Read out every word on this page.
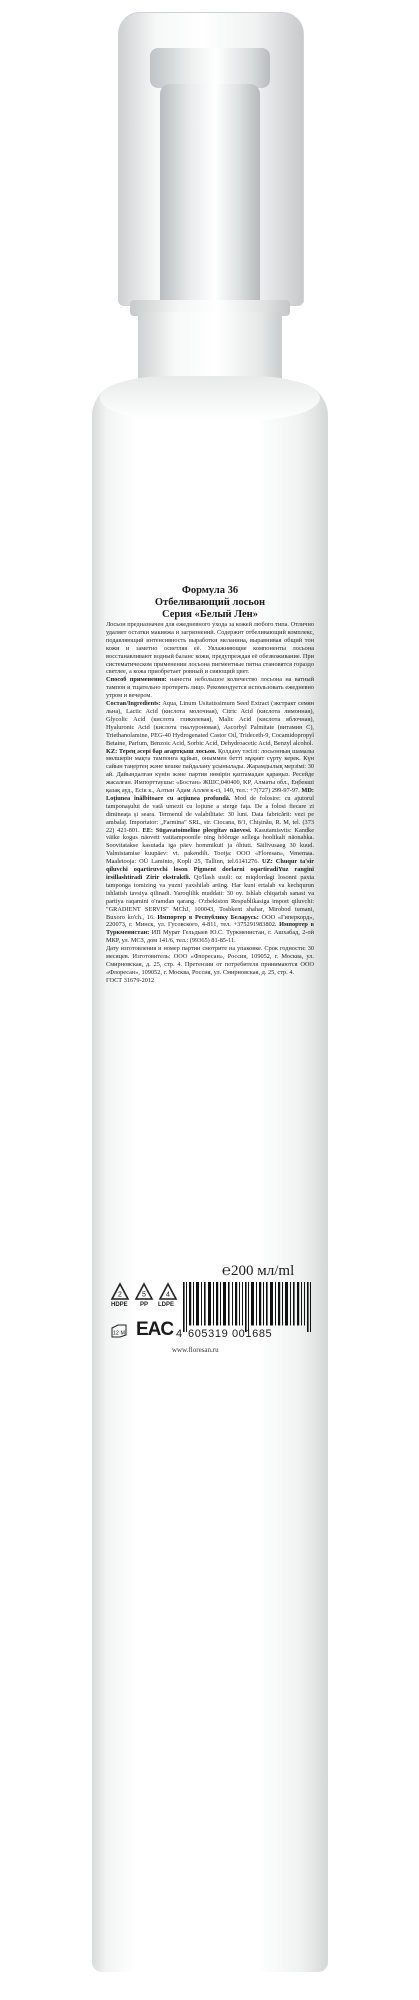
Формула 36
Отбеливающий лосьон
Серия «Белый Лен»

Лосьон предназначен для ежедневного ухода за кожей любого типа. Отлично удаляет остатки макияжа и загрязнений. Содержит отбеливающий комплекс, подавляющий интенсивность выработки меланина, выравнивая общий тон кожи и заметно осветляя её. Увлажняющие компоненты лосьона восстанавливают водный баланс кожи, предупреждая её обезвоживание. При систематическом применении лосьона пигментные пятна становятся гораздо светлее, а кожа приобретает ровный и сияющий цвет.

Способ применения: нанести небольшое количество лосьона на ватный тампон и тщательно протереть лицо. Рекомендуется использовать ежедневно утром и вечером.

Состав/Ingredients: Aqua, Linum Usitatissimum Seed Extract (экстракт семян льна), Lactic Acid (кислота молочная), Citric Acid (кислота лимонная), Glycolic Acid (кислота гликолевая), Malic Acid (кислота яблочная), Hyaluronic Acid (кислота гиалуроновая), Ascorbyl Palmitate (витамин С), Triethanolamine, PEG-40 Hydrogenated Castor Oil, Trideceth-9, Cocamidopropyl Betaine, Parfum, Benzoic Acid, Sorbic Acid, Dehydroacetic Acid, Benzyl alcohol.

KZ: Терең әсері бар ағартқыш лосьон. Қолдану тәсілі: лосьонның шамалы мөлшерін мақта тампонға құйып, оныммен бетті мұқият сүрту керек. Күн сайын таңертең және кешке пайдалану ұсынылады. Жарамдылық мерзімі: 30 ай. Дайындалған күнін және партия нөмірін қаптамадан қараңыз. Ресейде жасалған. Импорттаушы: «Бостан» ЖШС,040400, KP, Алматы обл., Еңбекші қазақ ауд., Есік к., Алтын Адам Аллея к-сі, 140, тел.: +7(727) 299-97-97. MD: Loţiunea înălbitoare cu acţiunea profundă. Mod de folosire: cu ajutorul tamponaşului de vată umezit cu loţiune a sterge faţa. De a folosi fiecare zi dimineaţa şi seara. Termenul de valabilitate: 30 luni. Data fabricării: vezi pe ambalaj. Importator: „Farmina" SRL, str. Ciocana, 8/1, Chişinău, R. M, tel. (373 22) 421-801. EE: Sügavatoimeline pleegitav näovesi. Kasutamisviis: Kandke väike kogus näovett vatitampoonile ning hõõruge sellega hoolikalt näonahka. Soovitatakse kasutada iga päev hommikuti ja õhtuti. Säilivusaeg 30 kuud. Valmistamise kuupäev: vt. pakendilt. Tootja: ООО «Floresan», Venemaa. Maaletooja: OÜ Laminto, Kopli 25, Tallinn, tel.6141276. UZ: Chuqur ta'sir qiluvchi oqartiruvchi loson Pigment dorlarni oqartiradiYuz rangini irsillashtiradi Zirir ekstraktli. Qo'llash usuli: oz miqdordagi losonni paxta tamponga tomizing va yuzni yaxshilab arting. Har kuni ertalab va kechqurun ishlatish tavsiya qilinadi. Yaroqlilik muddati: 30 oy. Ishlab chiqarish sanasi va partiya raqamini o'ramdan qarang. O'zbekiston Respublikasiga import qiluvchi: "GRADIENT SERVIS" MChJ, 100043, Toshkent shahar, Mirobod tumani, Buxoro ko'ch., 16. Импортер в Республику Беларусь: ООО «Гиперкорд», 220073, г. Минск, ул. Гусовского, 4-811, тел. +375291983802. Импортер в Туркменистан: ИП Мурат Гельдыев Ю.С. Туркменистан, г. Ашхабад, 2-ой МКР, ул. МСЗ, дом 141/6, тел.: (99365) 81-85-11.

Дату изготовления и номер партии смотрите на упаковке. Срок годности: 30 месяцев. Изготовитель: ООО «Флоресан», Россия, 109052, г. Москва, ул. Смирновская, д. 25, стр. 4. Претензии от потребителя принимаются ООО «Флоресан», 109052, г. Москва, Россия, ул. Смирновская, д. 25, стр. 4.

ГОСТ 31679-2012

℮200 мл/ml
2
HDPE
5
PP
4
LDPE
12 M EAC 4 605319 001685
www.floresan.ru
